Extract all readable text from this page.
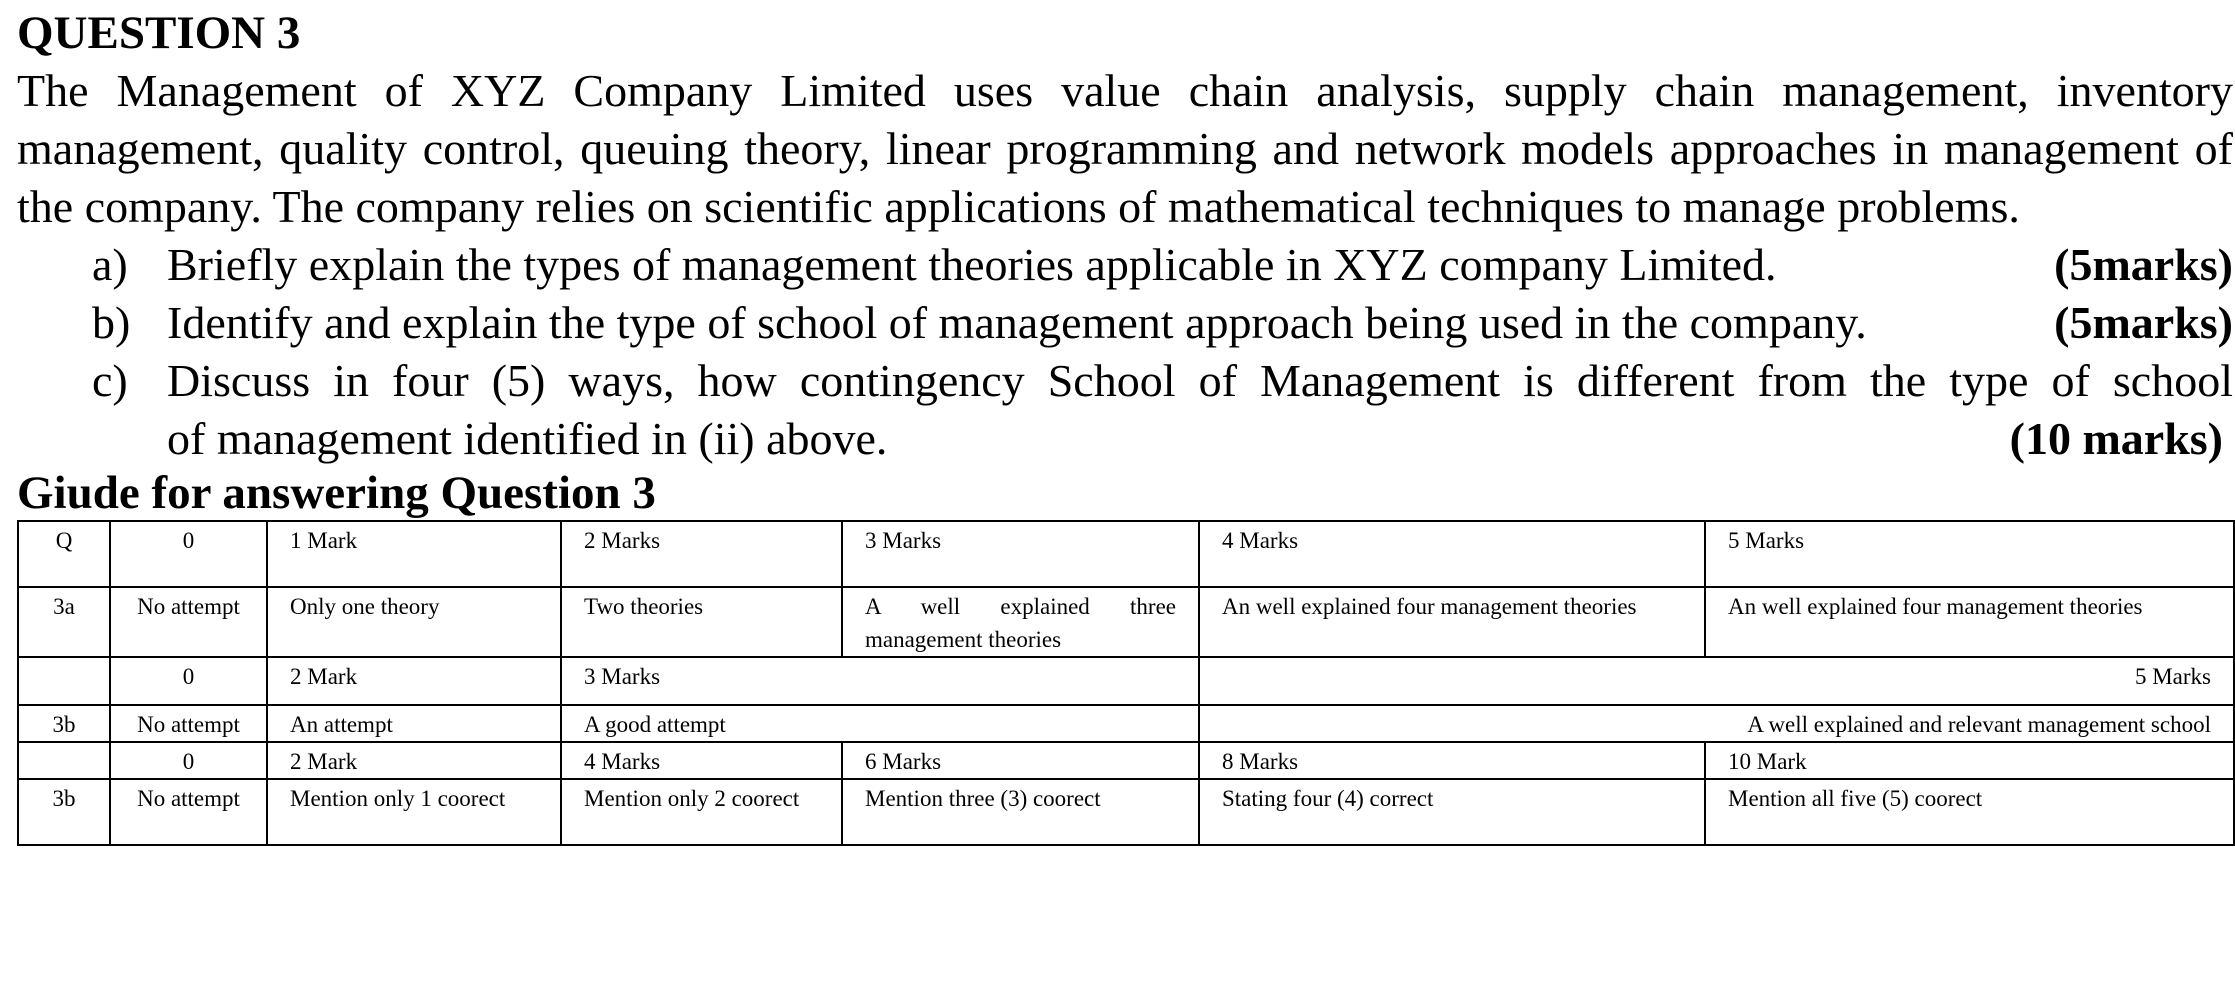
QUESTION 3

The Management of XYZ Company Limited uses value chain analysis, supply chain management, inventory management, quality control, queuing theory, linear programming and network models approaches in management of the company. The company relies on scientific applications of mathematical techniques to manage problems.

a) Briefly explain the types of management theories applicable in XYZ company Limited.	(5marks)
b) Identify and explain the type of school of management approach being used in the company.	(5marks)
c) Discuss in four (5) ways, how contingency School of Management is different from the type of school
of management identified in (ii) above.	(10 marks)
Giude for answering Question 3
Q	0	1 Mark	2 Marks	3 Marks	4 Marks	5 Marks
3a	No attempt	Only one theory	Two theories	A well explained three management theories	An well explained four management theories	An well explained four management theories
	0	2 Mark	3 Marks		5 Marks	
3b	No attempt	An attempt	A good attempt		A well explained and relevant management school	
	0	2 Mark	4 Marks	6 Marks	8 Marks	10 Mark
3b	No attempt	Mention only 1 coorect	Mention only 2 coorect	Mention three (3) coorect	Stating four (4) correct	Mention all five (5) coorect
